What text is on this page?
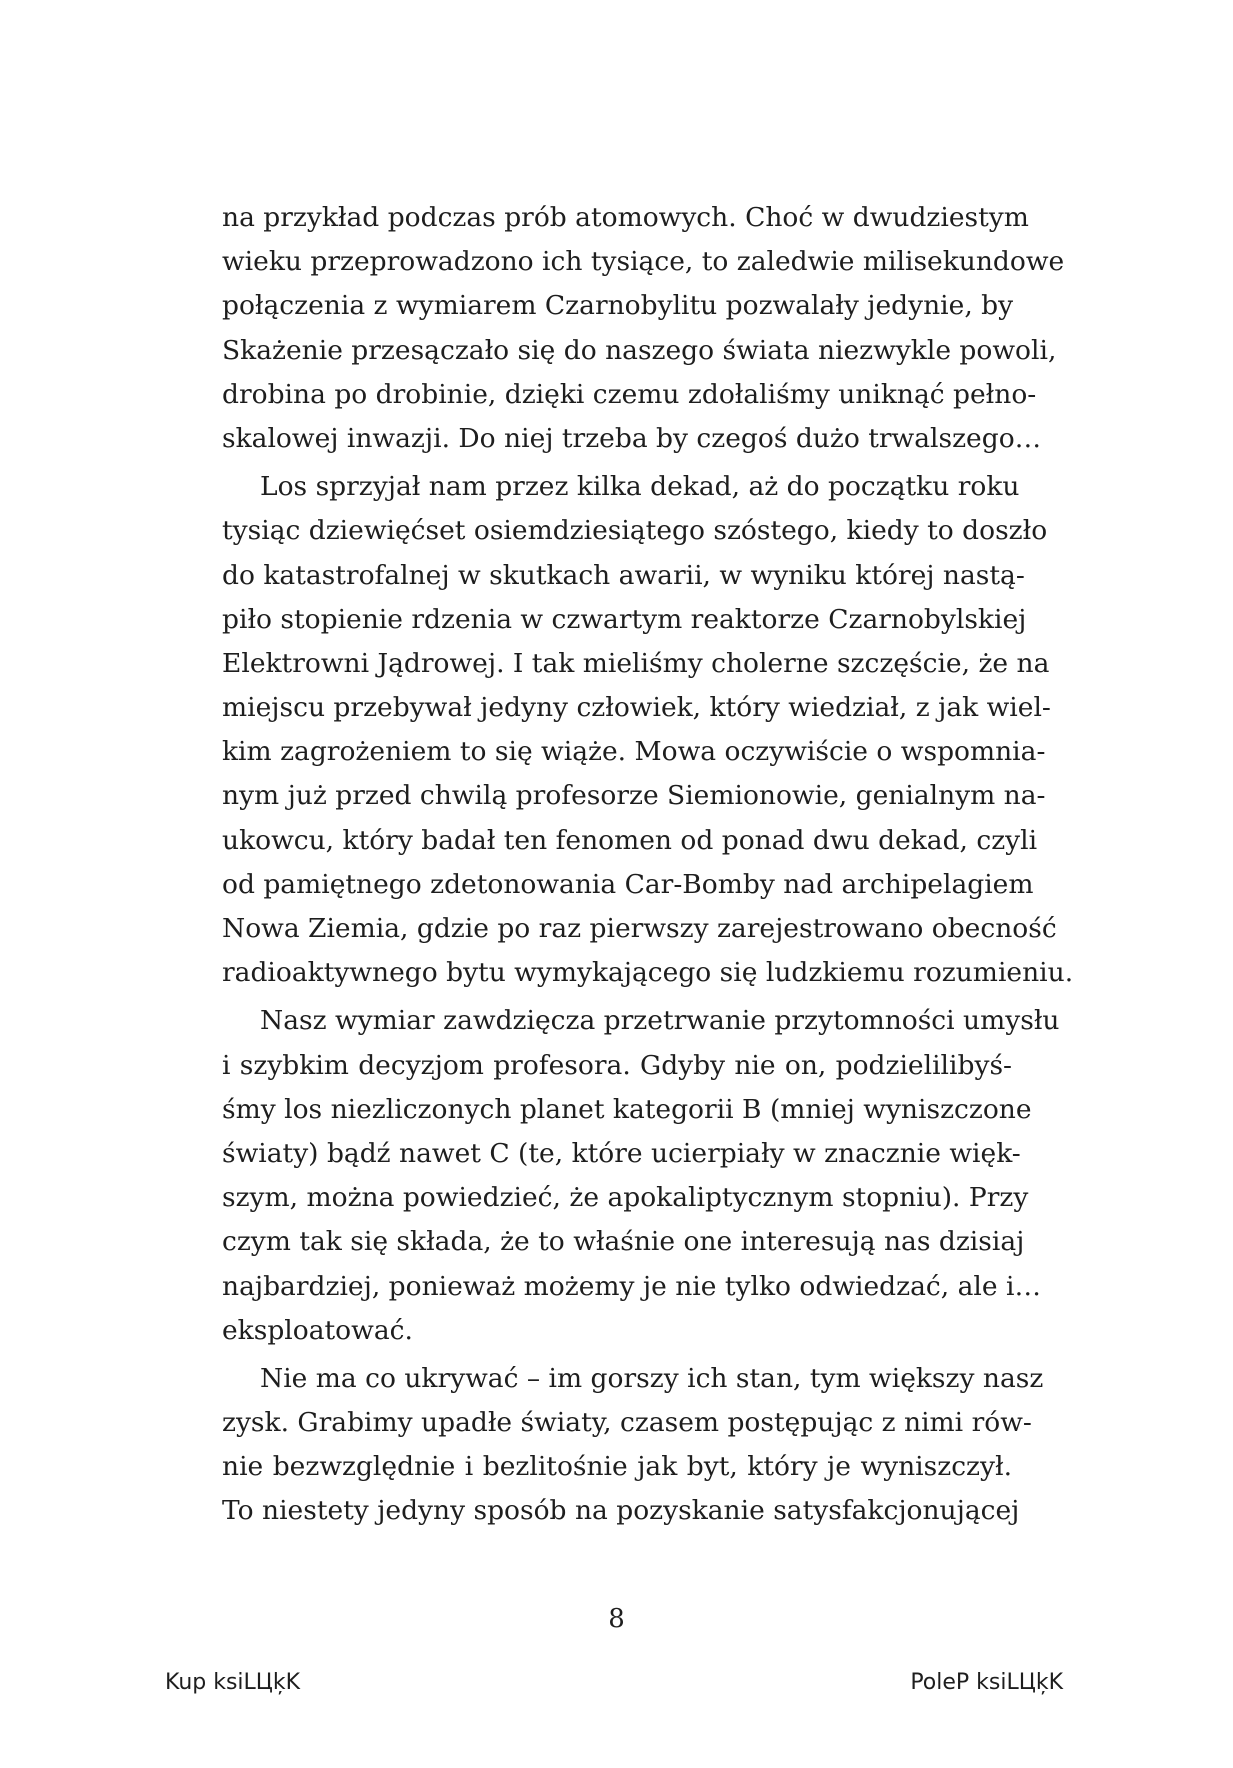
na przykład podczas prób atomowych. Choć w dwudziestym
wieku przeprowadzono ich tysiące, to zaledwie milisekundowe
połączenia z wymiarem Czarnobylitu pozwalały jedynie, by
Skażenie przesączało się do naszego świata niezwykle powoli,
drobina po drobinie, dzięki czemu zdołaliśmy uniknąć pełno-
skalowej inwazji. Do niej trzeba by czegoś dużo trwalszego…
Los sprzyjał nam przez kilka dekad, aż do początku roku
tysiąc dziewięćset osiemdziesiątego szóstego, kiedy to doszło
do katastrofalnej w skutkach awarii, w wyniku której nastą-
piło stopienie rdzenia w czwartym reaktorze Czarnobylskiej
Elektrowni Jądrowej. I tak mieliśmy cholerne szczęście, że na
miejscu przebywał jedyny człowiek, który wiedział, z jak wiel-
kim zagrożeniem to się wiąże. Mowa oczywiście o wspomnia-
nym już przed chwilą profesorze Siemionowie, genialnym na-
ukowcu, który badał ten fenomen od ponad dwu dekad, czyli
od pamiętnego zdetonowania Car-Bomby nad archipelagiem
Nowa Ziemia, gdzie po raz pierwszy zarejestrowano obecność
radioaktywnego bytu wymykającego się ludzkiemu rozumieniu.
Nasz wymiar zawdzięcza przetrwanie przytomności umysłu
i szybkim decyzjom profesora. Gdyby nie on, podzielilibyś-
śmy los niezliczonych planet kategorii B (mniej wyniszczone
światy) bądź nawet C (te, które ucierpiały w znacznie więk-
szym, można powiedzieć, że apokaliptycznym stopniu). Przy
czym tak się składa, że to właśnie one interesują nas dzisiaj
najbardziej, ponieważ możemy je nie tylko odwiedzać, ale i…
eksploatować.
Nie ma co ukrywać – im gorszy ich stan, tym większy nasz
zysk. Grabimy upadłe światy, czasem postępując z nimi rów-
nie bezwzględnie i bezlitośnie jak byt, który je wyniszczył.
To niestety jedyny sposób na pozyskanie satysfakcjonującej
8
Kup ksiLЦķK	PoleP ksiLЦķK
